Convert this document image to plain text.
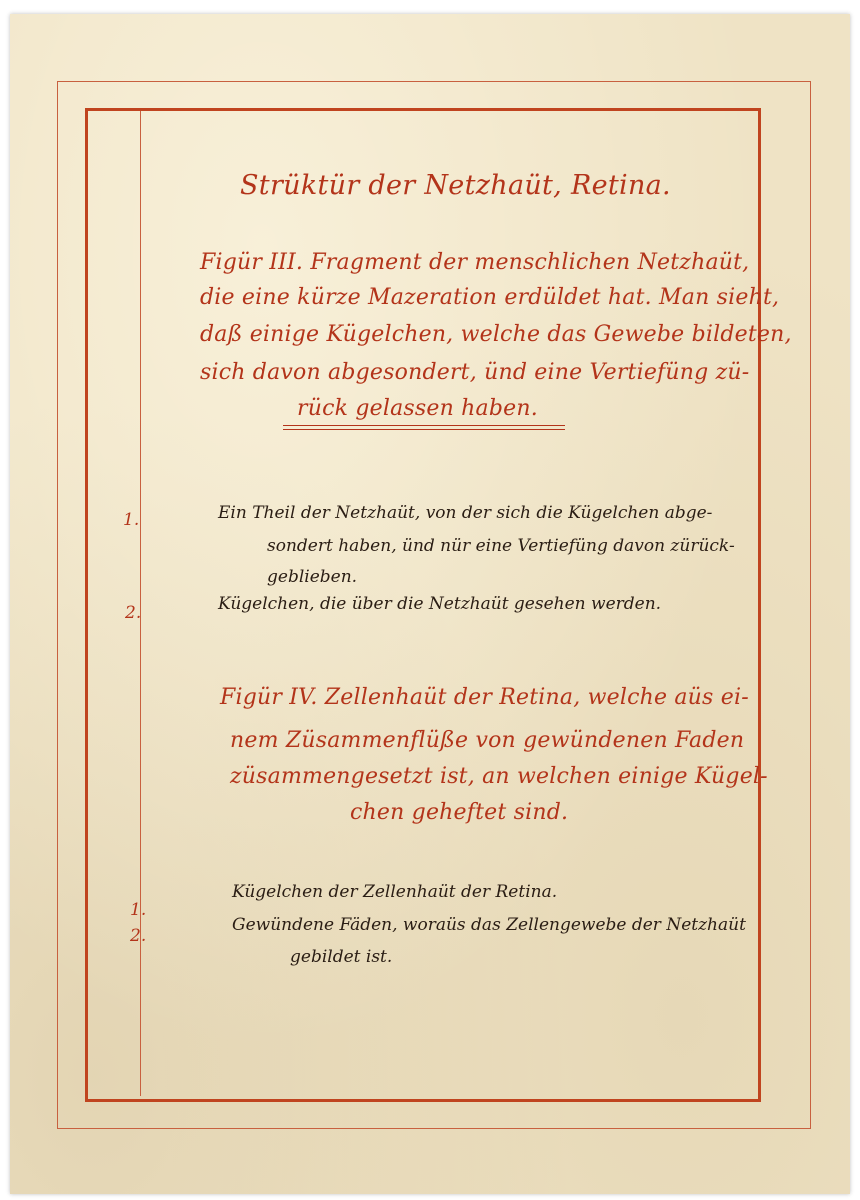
Strüktür der Netzhaüt, Retina.
Figür III. Fragment der menschlichen Netzhaüt,
die eine kürze Mazeration erdüldet hat. Man sieht,
daß einige Kügelchen, welche das Gewebe bildeten,
sich davon abgesondert, ünd eine Vertiefüng zü-
rück gelassen haben.
1.	Ein Theil der Netzhaüt, von der sich die Kügelchen abge-
sondert haben, ünd nür eine Vertiefüng davon zürück-
geblieben.
2.	Kügelchen, die über die Netzhaüt gesehen werden.
Figür IV. Zellenhaüt der Retina, welche aüs ei-
nem Züsammenflüße von gewündenen Faden
züsammengesetzt ist, an welchen einige Kügel-
chen geheftet sind.
1.
Kügelchen der Zellenhaüt der Retina.
2.
Gewündene Fäden, woraüs das Zellengewebe der Netzhaüt
gebildet ist.
